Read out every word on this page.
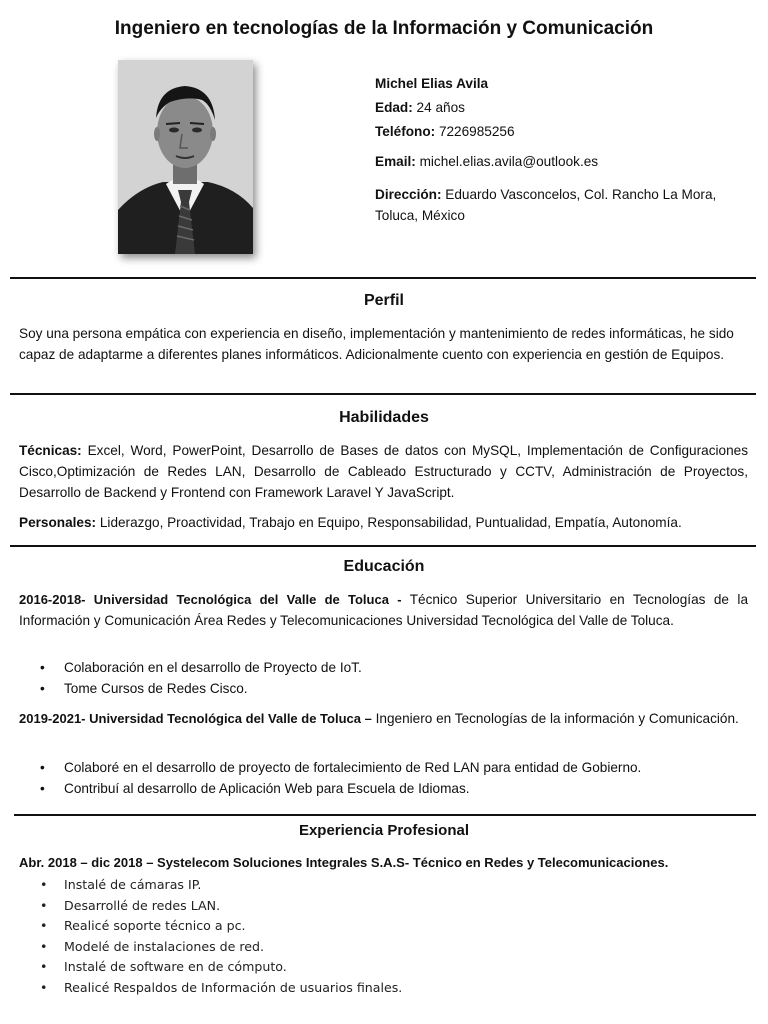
Ingeniero en tecnologías de la Información y Comunicación
Michel Elias Avila
Edad: 24 años
Teléfono: 7226985256
Email: michel.elias.avila@outlook.es
Dirección: Eduardo Vasconcelos, Col. Rancho La Mora, Toluca, México
Perfil

Soy una persona empática con experiencia en diseño, implementación y mantenimiento de redes informáticas, he sido capaz de adaptarme a diferentes planes informáticos. Adicionalmente cuento con experiencia en gestión de Equipos.

Habilidades

Técnicas: Excel, Word, PowerPoint, Desarrollo de Bases de datos con MySQL, Implementación de Configuraciones Cisco,Optimización de Redes LAN, Desarrollo de Cableado Estructurado y CCTV, Administración de Proyectos, Desarrollo de Backend y Frontend con Framework Laravel Y JavaScript.

Personales: Liderazgo, Proactividad, Trabajo en Equipo, Responsabilidad, Puntualidad, Empatía, Autonomía.

Educación

2016-2018- Universidad Tecnológica del Valle de Toluca - Técnico Superior Universitario en Tecnologías de la Información y Comunicación Área Redes y Telecomunicaciones Universidad Tecnológica del Valle de Toluca.

• Colaboración en el desarrollo de Proyecto de IoT.
• Tome Cursos de Redes Cisco.

2019-2021- Universidad Tecnológica del Valle de Toluca – Ingeniero en Tecnologías de la información y Comunicación.

• Colaboré en el desarrollo de proyecto de fortalecimiento de Red LAN para entidad de Gobierno.
• Contribuí al desarrollo de Aplicación Web para Escuela de Idiomas.
Experiencia Profesional

Abr. 2018 – dic 2018 – Systelecom Soluciones Integrales S.A.S- Técnico en Redes y Telecomunicaciones.

• Instalé de cámaras IP.
• Desarrollé de redes LAN.
• Realicé soporte técnico a pc.
• Modelé de instalaciones de red.
• Instalé de software en de cómputo.
• Realicé Respaldos de Información de usuarios finales.
